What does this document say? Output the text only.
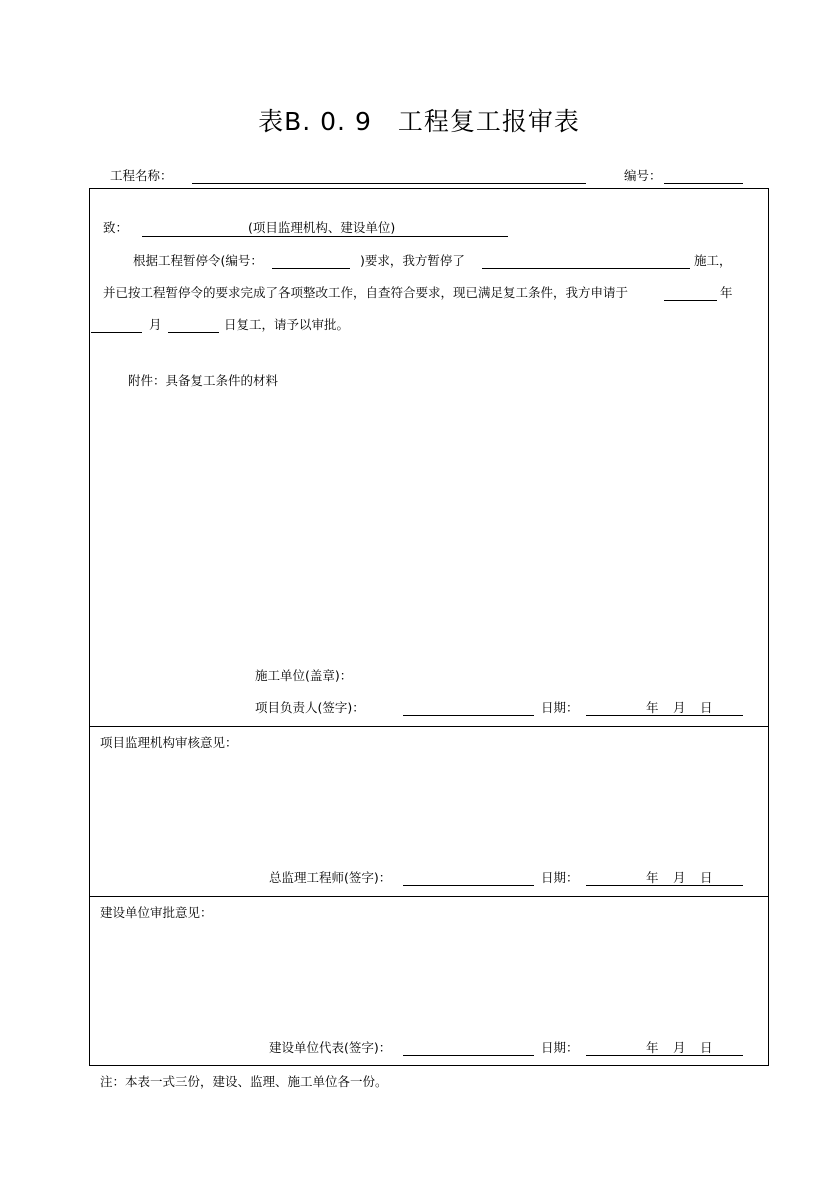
表B. 0. 9　工程复工报审表
工程名称：	编号：
致：	(项目监理机构、建设单位)
根据工程暂停令(编号：	)要求，我方暂停了	施工，
并已按工程暂停令的要求完成了各项整改工作，自查符合要求，现已满足复工条件，我方申请于	年
月	日复工，请予以审批。
附件：具备复工条件的材料
施工单位(盖章)：
项目负责人(签字)：	日期：	年 月 日
项目监理机构审核意见：
总监理工程师(签字)：	日期：	年 月 日
建设单位审批意见：
建设单位代表(签字)：	日期：	年 月 日
注：本表一式三份，建设、监理、施工单位各一份。
